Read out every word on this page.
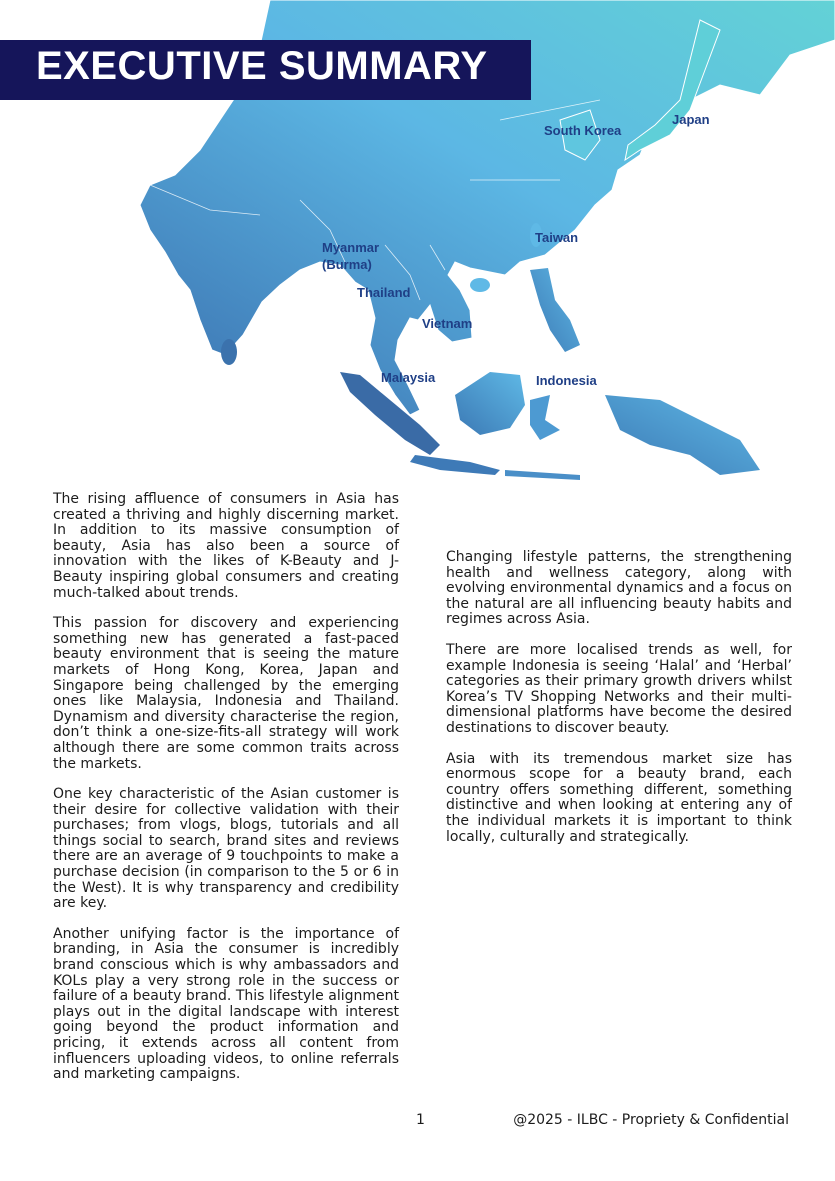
EXECUTIVE SUMMARY
South Korea
Japan
Taiwan
Myanmar
(Burma)
Thailand
Vietnam
Malaysia	Indonesia

The rising affluence of consumers in Asia has created a thriving and highly discerning market. In addition to its massive consumption of beauty, Asia has also been a source of innovation with the likes of K-Beauty and J-Beauty inspiring global consumers and creating much-talked about trends.

This passion for discovery and experiencing something new has generated a fast-paced beauty environment that is seeing the mature markets of Hong Kong, Korea, Japan and Singapore being challenged by the emerging ones like Malaysia, Indonesia and Thailand. Dynamism and diversity characterise the region, don’t think a one-size-fits-all strategy will work although there are some common traits across the markets.

One key characteristic of the Asian customer is their desire for collective validation with their purchases; from vlogs, blogs, tutorials and all things social to search, brand sites and reviews there are an average of 9 touchpoints to make a purchase decision (in comparison to the 5 or 6 in the West). It is why transparency and credibility are key.

Another unifying factor is the importance of branding, in Asia the consumer is incredibly brand conscious which is why ambassadors and KOLs play a very strong role in the success or failure of a beauty brand. This lifestyle alignment plays out in the digital landscape with interest going beyond the product information and pricing, it extends across all content from influencers uploading videos, to online referrals and marketing campaigns.

Changing lifestyle patterns, the strengthening health and wellness category, along with evolving environmental dynamics and a focus on the natural are all influencing beauty habits and regimes across Asia.

There are more localised trends as well, for example Indonesia is seeing ‘Halal’ and ‘Herbal’ categories as their primary growth drivers whilst Korea’s TV Shopping Networks and their multi-dimensional platforms have become the desired destinations to discover beauty.

Asia with its tremendous market size has enormous scope for a beauty brand, each country offers something different, something distinctive and when looking at entering any of the individual markets it is important to think locally, culturally and strategically.

1	@2025 - ILBC - Propriety & Confidential
